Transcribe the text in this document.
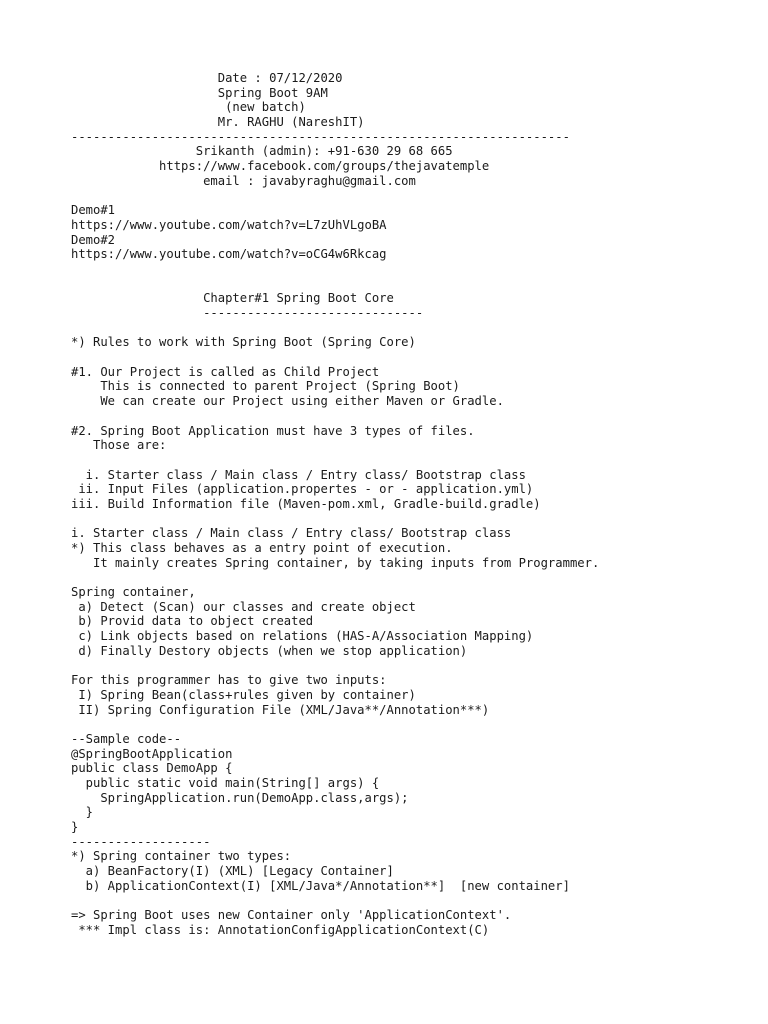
Date : 07/12/2020
Spring Boot 9AM
(new batch)
Mr. RAGHU (NareshIT)
--------------------------------------------------------------------
Srikanth (admin): +91-630 29 68 665
https://www.facebook.com/groups/thejavatemple
email : javabyraghu@gmail.com
Demo#1
https://www.youtube.com/watch?v=L7zUhVLgoBA
Demo#2
https://www.youtube.com/watch?v=oCG4w6Rkcag
Chapter#1 Spring Boot Core
------------------------------
*) Rules to work with Spring Boot (Spring Core)
#1. Our Project is called as Child Project
This is connected to parent Project (Spring Boot)
We can create our Project using either Maven or Gradle.
#2. Spring Boot Application must have 3 types of files.
Those are:
i. Starter class / Main class / Entry class/ Bootstrap class
ii. Input Files (application.propertes - or - application.yml)
iii. Build Information file (Maven-pom.xml, Gradle-build.gradle)
i. Starter class / Main class / Entry class/ Bootstrap class
*) This class behaves as a entry point of execution.
It mainly creates Spring container, by taking inputs from Programmer.
Spring container,
a) Detect (Scan) our classes and create object
b) Provid data to object created
c) Link objects based on relations (HAS-A/Association Mapping)
d) Finally Destory objects (when we stop application)
For this programmer has to give two inputs:
I) Spring Bean(class+rules given by container)
II) Spring Configuration File (XML/Java**/Annotation***)
--Sample code--
@SpringBootApplication
public class DemoApp {
public static void main(String[] args) {
SpringApplication.run(DemoApp.class,args);
}
}
-------------------
*) Spring container two types:
a) BeanFactory(I) (XML) [Legacy Container]
b) ApplicationContext(I) [XML/Java*/Annotation**]  [new container]
=> Spring Boot uses new Container only 'ApplicationContext'.
*** Impl class is: AnnotationConfigApplicationContext(C)
